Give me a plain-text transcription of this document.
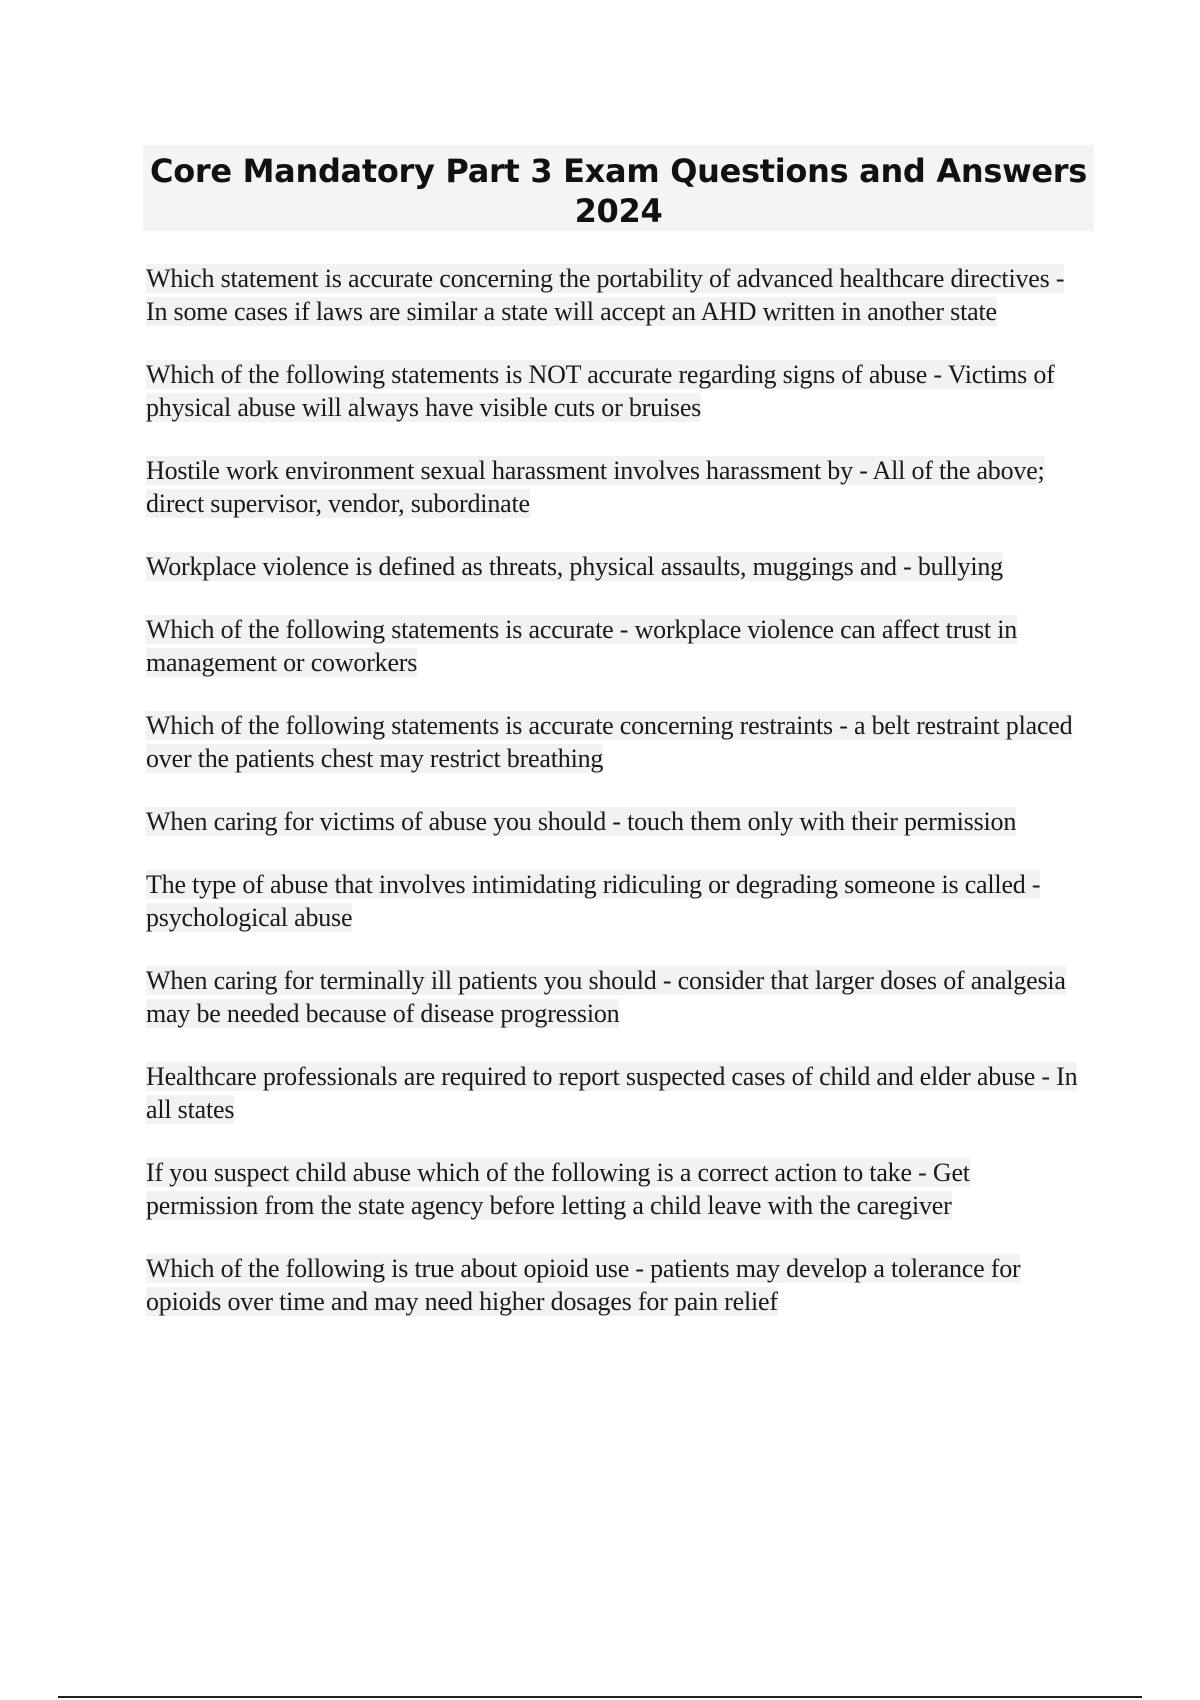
Core Mandatory Part 3 Exam Questions and Answers 2024
Which statement is accurate concerning the portability of advanced healthcare directives - In some cases if laws are similar a state will accept an AHD written in another state
Which of the following statements is NOT accurate regarding signs of abuse - Victims of physical abuse will always have visible cuts or bruises
Hostile work environment sexual harassment involves harassment by - All of the above; direct supervisor, vendor, subordinate
Workplace violence is defined as threats, physical assaults, muggings and - bullying
Which of the following statements is accurate - workplace violence can affect trust in management or coworkers
Which of the following statements is accurate concerning restraints - a belt restraint placed over the patients chest may restrict breathing
When caring for victims of abuse you should - touch them only with their permission
The type of abuse that involves intimidating ridiculing or degrading someone is called - psychological abuse
When caring for terminally ill patients you should - consider that larger doses of analgesia may be needed because of disease progression
Healthcare professionals are required to report suspected cases of child and elder abuse - In all states
If you suspect child abuse which of the following is a correct action to take - Get permission from the state agency before letting a child leave with the caregiver
Which of the following is true about opioid use - patients may develop a tolerance for opioids over time and may need higher dosages for pain relief
